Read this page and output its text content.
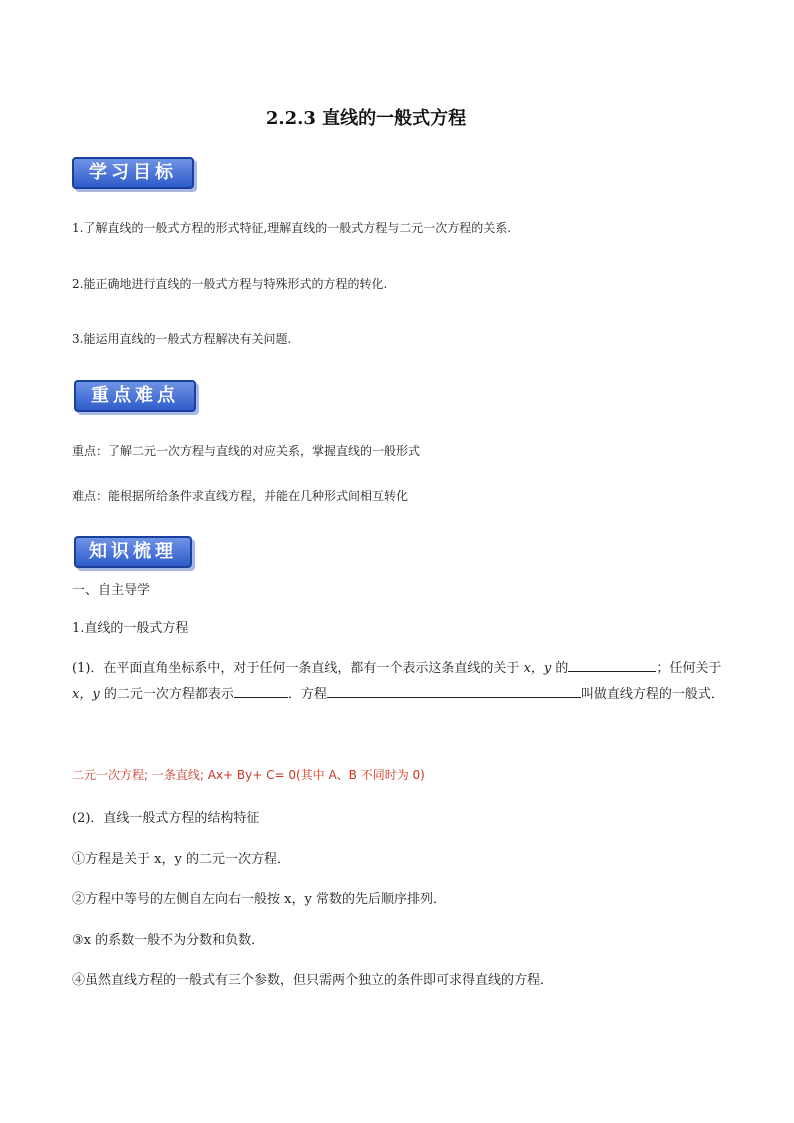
2.2.3 直线的一般式方程
学习目标
1.了解直线的一般式方程的形式特征,理解直线的一般式方程与二元一次方程的关系.
2.能正确地进行直线的一般式方程与特殊形式的方程的转化.
3.能运用直线的一般式方程解决有关问题.
重点难点
重点：了解二元一次方程与直线的对应关系，掌握直线的一般形式
难点：能根据所给条件求直线方程，并能在几种形式间相互转化
知识梳理
一、自主导学
1.直线的一般式方程
(1)．在平面直角坐标系中，对于任何一条直线，都有一个表示这条直线的关于 x，y 的	；任何关于 x，y 的二元一次方程都表示	．方程	叫做直线方程的一般式．
二元一次方程; 一条直线; Ax+ By+ C= 0(其中 A、B 不同时为 0)
(2)．直线一般式方程的结构特征
①方程是关于 x，y 的二元一次方程．
②方程中等号的左侧自左向右一般按 x，y 常数的先后顺序排列．
③x 的系数一般不为分数和负数．
④虽然直线方程的一般式有三个参数，但只需两个独立的条件即可求得直线的方程．
